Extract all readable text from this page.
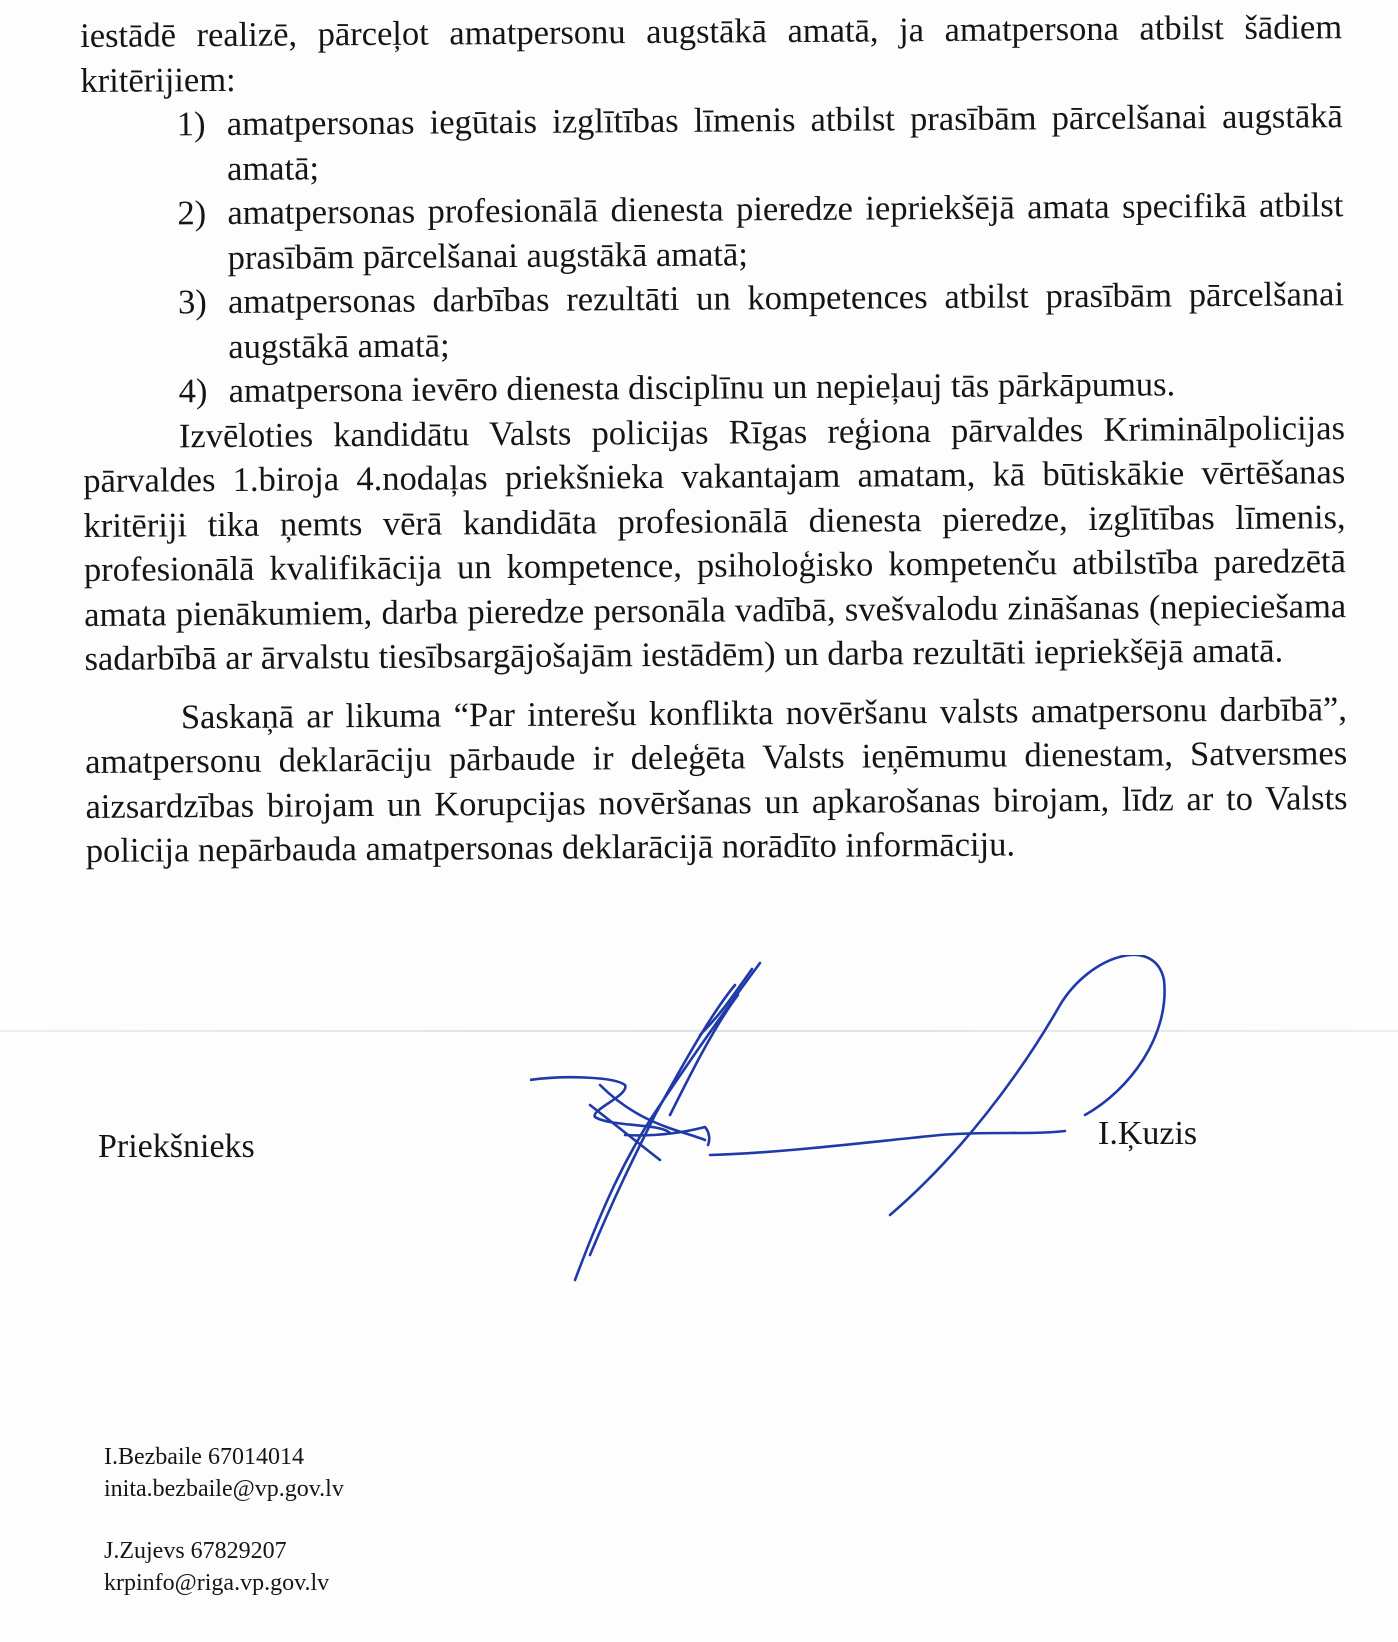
iestādē realizē, pārceļot amatpersonu augstākā amatā, ja amatpersona atbilst šādiem kritērijiem:

1) amatpersonas iegūtais izglītības līmenis atbilst prasībām pārcelšanai augstākā amatā;
2) amatpersonas profesionālā dienesta pieredze iepriekšējā amata specifikā atbilst prasībām pārcelšanai augstākā amatā;
3) amatpersonas darbības rezultāti un kompetences atbilst prasībām pārcelšanai augstākā amatā;
4) amatpersona ievēro dienesta disciplīnu un nepieļauj tās pārkāpumus.

Izvēloties kandidātu Valsts policijas Rīgas reģiona pārvaldes Kriminālpolicijas pārvaldes 1.biroja 4.nodaļas priekšnieka vakantajam amatam, kā būtiskākie vērtēšanas kritēriji tika ņemts vērā kandidāta profesionālā dienesta pieredze, izglītības līmenis, profesionālā kvalifikācija un kompetence, psiholoģisko kompetenču atbilstība paredzētā amata pienākumiem, darba pieredze personāla vadībā, svešvalodu zināšanas (nepieciešama sadarbībā ar ārvalstu tiesībsargājošajām iestādēm) un darba rezultāti iepriekšējā amatā.

Saskaņā ar likuma “Par interešu konflikta novēršanu valsts amatpersonu darbībā”, amatpersonu deklarāciju pārbaude ir deleģēta Valsts ieņēmumu dienestam, Satversmes aizsardzības birojam un Korupcijas novēršanas un apkarošanas birojam, līdz ar to Valsts policija nepārbauda amatpersonas deklarācijā norādīto informāciju.

Priekšnieks	I.Ķuzis
I.Bezbaile 67014014
inita.bezbaile@vp.gov.lv
J.Zujevs 67829207
krpinfo@riga.vp.gov.lv
